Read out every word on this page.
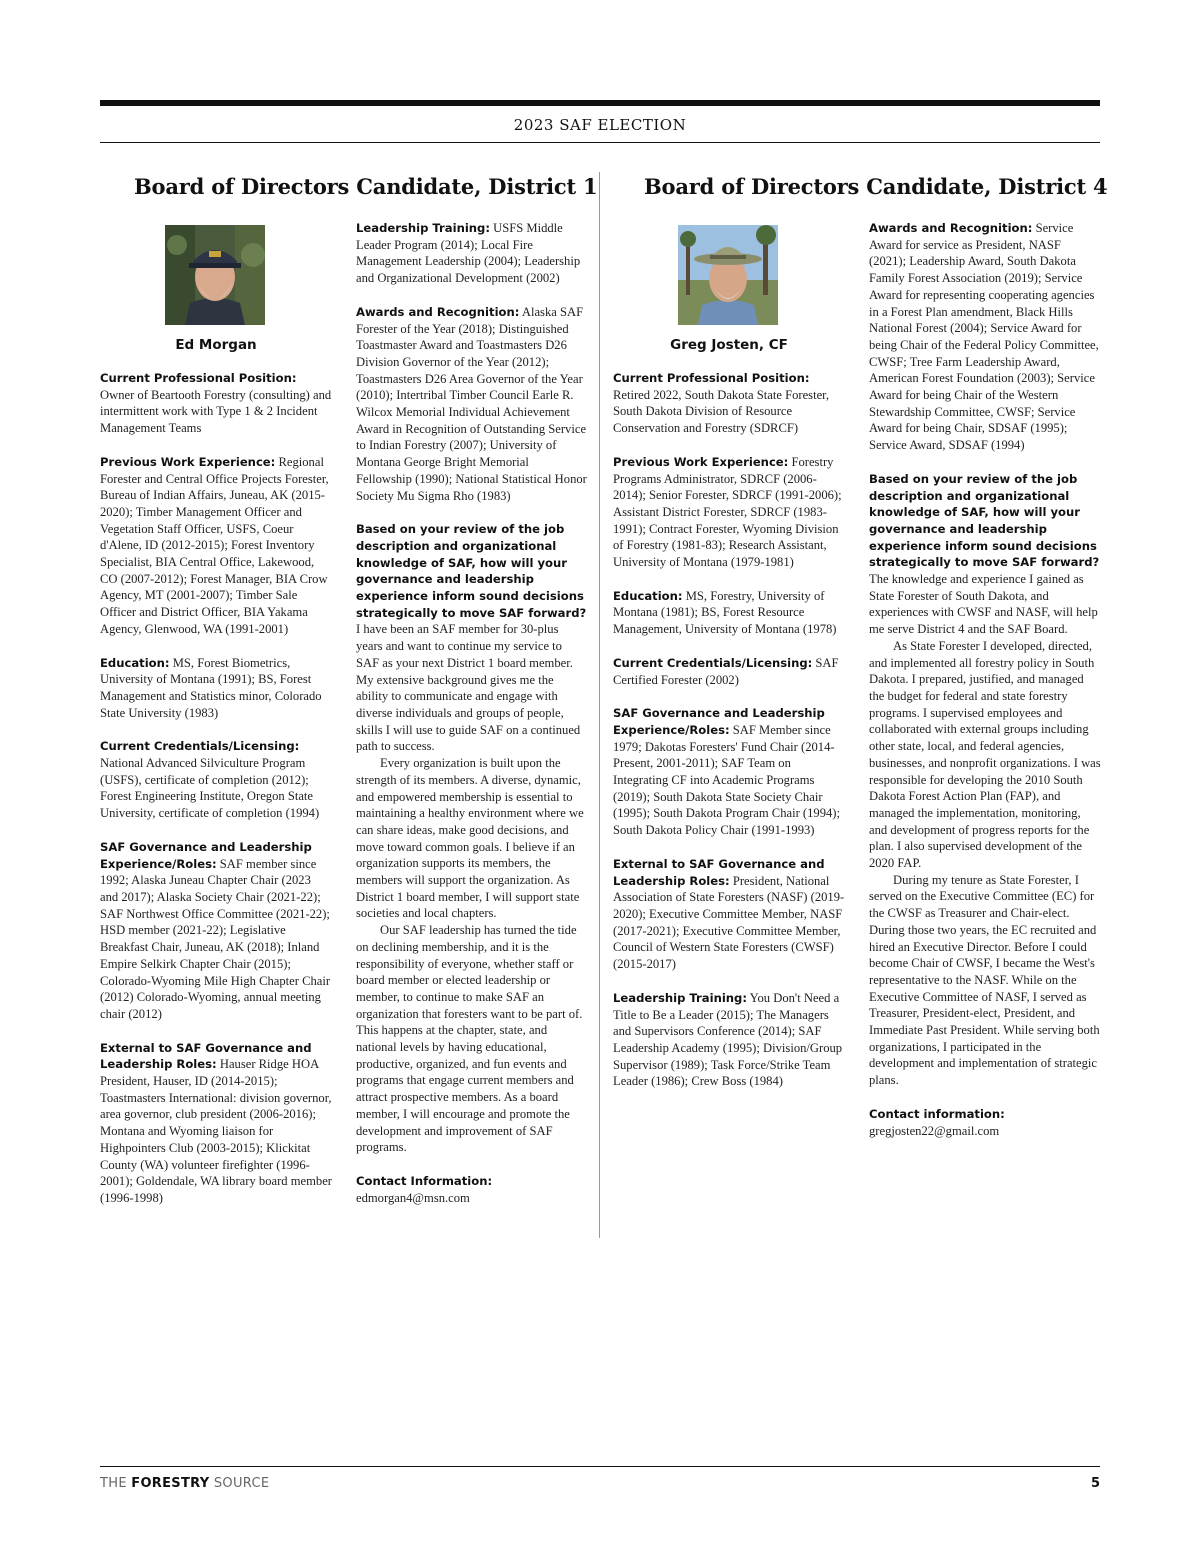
2023 SAF ELECTION
Board of Directors Candidate, District 1 Board of Directors Candidate, District 4
Ed Morgan	Greg Josten, CF

Current Professional Position:
Owner of Beartooth Forestry (consulting) and intermittent work with Type 1 & 2 Incident Management Teams

Previous Work Experience: Regional Forester and Central Office Projects Forester, Bureau of Indian Affairs, Juneau, AK (2015-2020); Timber Management Officer and Vegetation Staff Officer, USFS, Coeur d'Alene, ID (2012-2015); Forest Inventory Specialist, BIA Central Office, Lakewood, CO (2007-2012); Forest Manager, BIA Crow Agency, MT (2001-2007); Timber Sale Officer and District Officer, BIA Yakama Agency, Glenwood, WA (1991-2001)

Education: MS, Forest Biometrics, University of Montana (1991); BS, Forest Management and Statistics minor, Colorado State University (1983)

Current Credentials/Licensing:
National Advanced Silviculture Program (USFS), certificate of completion (2012); Forest Engineering Institute, Oregon State University, certificate of completion (1994)

SAF Governance and Leadership Experience/Roles: SAF member since 1992; Alaska Juneau Chapter Chair (2023 and 2017); Alaska Society Chair (2021-22); SAF Northwest Office Committee (2021-22); HSD member (2021-22); Legislative Breakfast Chair, Juneau, AK (2018); Inland Empire Selkirk Chapter Chair (2015); Colorado-Wyoming Mile High Chapter Chair (2012) Colorado-Wyoming, annual meeting chair (2012)

External to SAF Governance and Leadership Roles: Hauser Ridge HOA President, Hauser, ID (2014-2015); Toastmasters International: division governor, area governor, club president (2006-2016); Montana and Wyoming liaison for Highpointers Club (2003-2015); Klickitat County (WA) volunteer firefighter (1996-2001); Goldendale, WA library board member (1996-1998)

Leadership Training: USFS Middle Leader Program (2014); Local Fire Management Leadership (2004); Leadership and Organizational Development (2002)

Awards and Recognition: Alaska SAF Forester of the Year (2018); Distinguished Toastmaster Award and Toastmasters D26 Division Governor of the Year (2012); Toastmasters D26 Area Governor of the Year (2010); Intertribal Timber Council Earle R. Wilcox Memorial Individual Achievement Award in Recognition of Outstanding Service to Indian Forestry (2007); University of Montana George Bright Memorial Fellowship (1990); National Statistical Honor Society Mu Sigma Rho (1983)

Based on your review of the job description and organizational knowledge of SAF, how will your governance and leadership experience inform sound decisions strategically to move SAF forward?
I have been an SAF member for 30-plus years and want to continue my service to SAF as your next District 1 board member. My extensive background gives me the ability to communicate and engage with diverse individuals and groups of people, skills I will use to guide SAF on a continued path to success.
Every organization is built upon the strength of its members. A diverse, dynamic, and empowered membership is essential to maintaining a healthy environment where we can share ideas, make good decisions, and move toward common goals. I believe if an organization supports its members, the members will support the organization. As District 1 board member, I will support state societies and local chapters.
Our SAF leadership has turned the tide on declining membership, and it is the responsibility of everyone, whether staff or board member or elected leadership or member, to continue to make SAF an organization that foresters want to be part of. This happens at the chapter, state, and national levels by having educational, productive, organized, and fun events and programs that engage current members and attract prospective members. As a board member, I will encourage and promote the development and improvement of SAF programs.

Contact Information: edmorgan4@msn.com

Current Professional Position:
Retired 2022, South Dakota State Forester, South Dakota Division of Resource Conservation and Forestry (SDRCF)

Previous Work Experience: Forestry Programs Administrator, SDRCF (2006-2014); Senior Forester, SDRCF (1991-2006); Assistant District Forester, SDRCF (1983-1991); Contract Forester, Wyoming Division of Forestry (1981-83); Research Assistant, University of Montana (1979-1981)

Education: MS, Forestry, University of Montana (1981); BS, Forest Resource Management, University of Montana (1978)

Current Credentials/Licensing: SAF Certified Forester (2002)

SAF Governance and Leadership Experience/Roles: SAF Member since 1979; Dakotas Foresters' Fund Chair (2014-Present, 2001-2011); SAF Team on Integrating CF into Academic Programs (2019); South Dakota State Society Chair (1995); South Dakota Program Chair (1994); South Dakota Policy Chair (1991-1993)

External to SAF Governance and Leadership Roles: President, National Association of State Foresters (NASF) (2019-2020); Executive Committee Member, NASF (2017-2021); Executive Committee Member, Council of Western State Foresters (CWSF) (2015-2017)

Leadership Training: You Don't Need a Title to Be a Leader (2015); The Managers and Supervisors Conference (2014); SAF Leadership Academy (1995); Division/Group Supervisor (1989); Task Force/Strike Team Leader (1986); Crew Boss (1984)

Awards and Recognition: Service Award for service as President, NASF (2021); Leadership Award, South Dakota Family Forest Association (2019); Service Award for representing cooperating agencies in a Forest Plan amendment, Black Hills National Forest (2004); Service Award for being Chair of the Federal Policy Committee, CWSF; Tree Farm Leadership Award, American Forest Foundation (2003); Service Award for being Chair of the Western Stewardship Committee, CWSF; Service Award for being Chair, SDSAF (1995); Service Award, SDSAF (1994)

Based on your review of the job description and organizational knowledge of SAF, how will your governance and leadership experience inform sound decisions strategically to move SAF forward?
The knowledge and experience I gained as State Forester of South Dakota, and experiences with CWSF and NASF, will help me serve District 4 and the SAF Board.
As State Forester I developed, directed, and implemented all forestry policy in South Dakota. I prepared, justified, and managed the budget for federal and state forestry programs. I supervised employees and collaborated with external groups including other state, local, and federal agencies, businesses, and nonprofit organizations. I was responsible for developing the 2010 South Dakota Forest Action Plan (FAP), and managed the implementation, monitoring, and development of progress reports for the plan. I also supervised development of the 2020 FAP.
During my tenure as State Forester, I served on the Executive Committee (EC) for the CWSF as Treasurer and Chair-elect. During those two years, the EC recruited and hired an Executive Director. Before I could become Chair of CWSF, I became the West's representative to the NASF. While on the Executive Committee of NASF, I served as Treasurer, President-elect, President, and Immediate Past President. While serving both organizations, I participated in the development and implementation of strategic plans.

Contact information: gregjosten22@gmail.com

THE FORESTRY SOURCE	5
